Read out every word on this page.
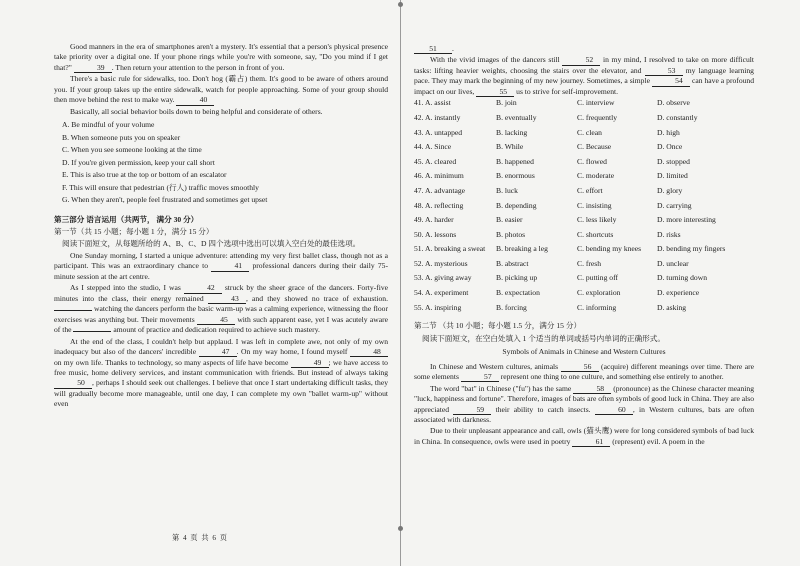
Good manners in the era of smartphones aren't a mystery. It's essential that a person's physical presence take priority over a digital one. If your phone rings while you're with someone, say, "Do you mind if I get that?"	39 . Then return your attention to the person in front of you.

There's a basic rule for sidewalks, too. Don't hog (霸占) them. It's good to be aware of others around you. If your group takes up the entire sidewalk, watch for people approaching. Some of your group should then move behind the rest to make way.	40

Basically, all social behavior boils down to being helpful and considerate of others.

A. Be mindful of your volume
B. When someone puts you on speaker
C. When you see someone looking at the time
D. If you're given permission, keep your call short
E. This is also true at the top or bottom of an escalator
F. This will ensure that pedestrian (行人) traffic moves smoothly
G. When they aren't, people feel frustrated and sometimes get upset

第三部分 语言运用（共两节， 满分 30 分）

第一节（共 15 小题；每小题 1 分，满分 15 分）

阅读下面短文，从每题所给的 A、B、C、D 四个选项中选出可以填入空白处的最佳选项。

One Sunday morning, I started a unique adventure: attending my very first ballet class, though not as a participant. This was an extraordinary chance to	41 professional dancers during their daily 75-minute session at the art centre.

As I stepped into the studio, I was	42 struck by the sheer grace of the dancers. Forty-five minutes into the class, their energy remained	43 , and they showed no trace of exhaustion.  watching the dancers perform the basic warm-up was a calming experience, witnessing the floor exercises was anything but. Their movements	45 with such apparent ease, yet I was acutely aware of the	amount of practice and dedication required to achieve such mastery.

At the end of the class, I couldn't help but applaud. I was left in complete awe, not only of my own inadequacy but also of the dancers' incredible	47 . On my way home, I found myself	48 on my own life. Thanks to technology, so many aspects of life have become	49 ; we have access to free music, home delivery services, and instant communication with friends. But instead of always taking 50 , perhaps I should seek out challenges. I believe that once I start undertaking difficult tasks, they will gradually become more manageable, until one day, I can complete my own "ballet warm-up" without even

第 4 页 共 6 页

51 .

With the vivid images of the dancers still	52 in my mind, I resolved to take on more difficult tasks: lifting heavier weights, choosing the stairs over the elevator, and	53 my language learning pace. They may mark the beginning of my new journey. Sometimes, a simple	54 can have a profound impact on our lives,	55 us to strive for self-improvement.

41. A. assist	B. join	C. interview	D. observe
42. A. instantly	B. eventually	C. frequently	D. constantly
43. A. untapped	B. lacking	C. clean	D. high
44. A. Since	B. While	C. Because	D. Once
45. A. cleared	B. happened	C. flowed	D. stopped
46. A. minimum	B. enormous	C. moderate	D. limited
47. A. advantage	B. luck	C. effort	D. glory
48. A. reflecting	B. depending	C. insisting	D. carrying
49. A. harder	B. easier	C. less likely	D. more interesting
50. A. lessons	B. photos	C. shortcuts	D. risks
51. A. breaking a sweat	B. breaking a leg	C. bending my knees	D. bending my fingers
52. A. mysterious	B. abstract	C. fresh	D. unclear
53. A. giving away	B. picking up	C. putting off	D. turning down
54. A. experiment	B. expectation	C. exploration	D. experience
55. A. inspiring	B. forcing	C. informing	D. asking

第二节 （共 10 小题；每小题 1.5 分，满分 15 分）

阅读下面短文，在空白处填入 1 个适当的单词或括号内单词的正确形式。

Symbols of Animals in Chinese and Western Cultures

In Chinese and Western cultures, animals	56 (acquire) different meanings over time. There are some elements	57 represent one thing to one culture, and something else entirely to another.

The word "bat" in Chinese ("fu") has the same	58 (pronounce) as the Chinese character meaning "luck, happiness and fortune". Therefore, images of bats are often symbols of good luck in China. They are also appreciated	59 their ability to catch insects.	60 , in Western cultures, bats are often associated with darkness.

Due to their unpleasant appearance and call, owls (猫头鹰) were for long considered symbols of bad luck in China. In consequence, owls were used in poetry	61 (represent) evil. A poem in the
